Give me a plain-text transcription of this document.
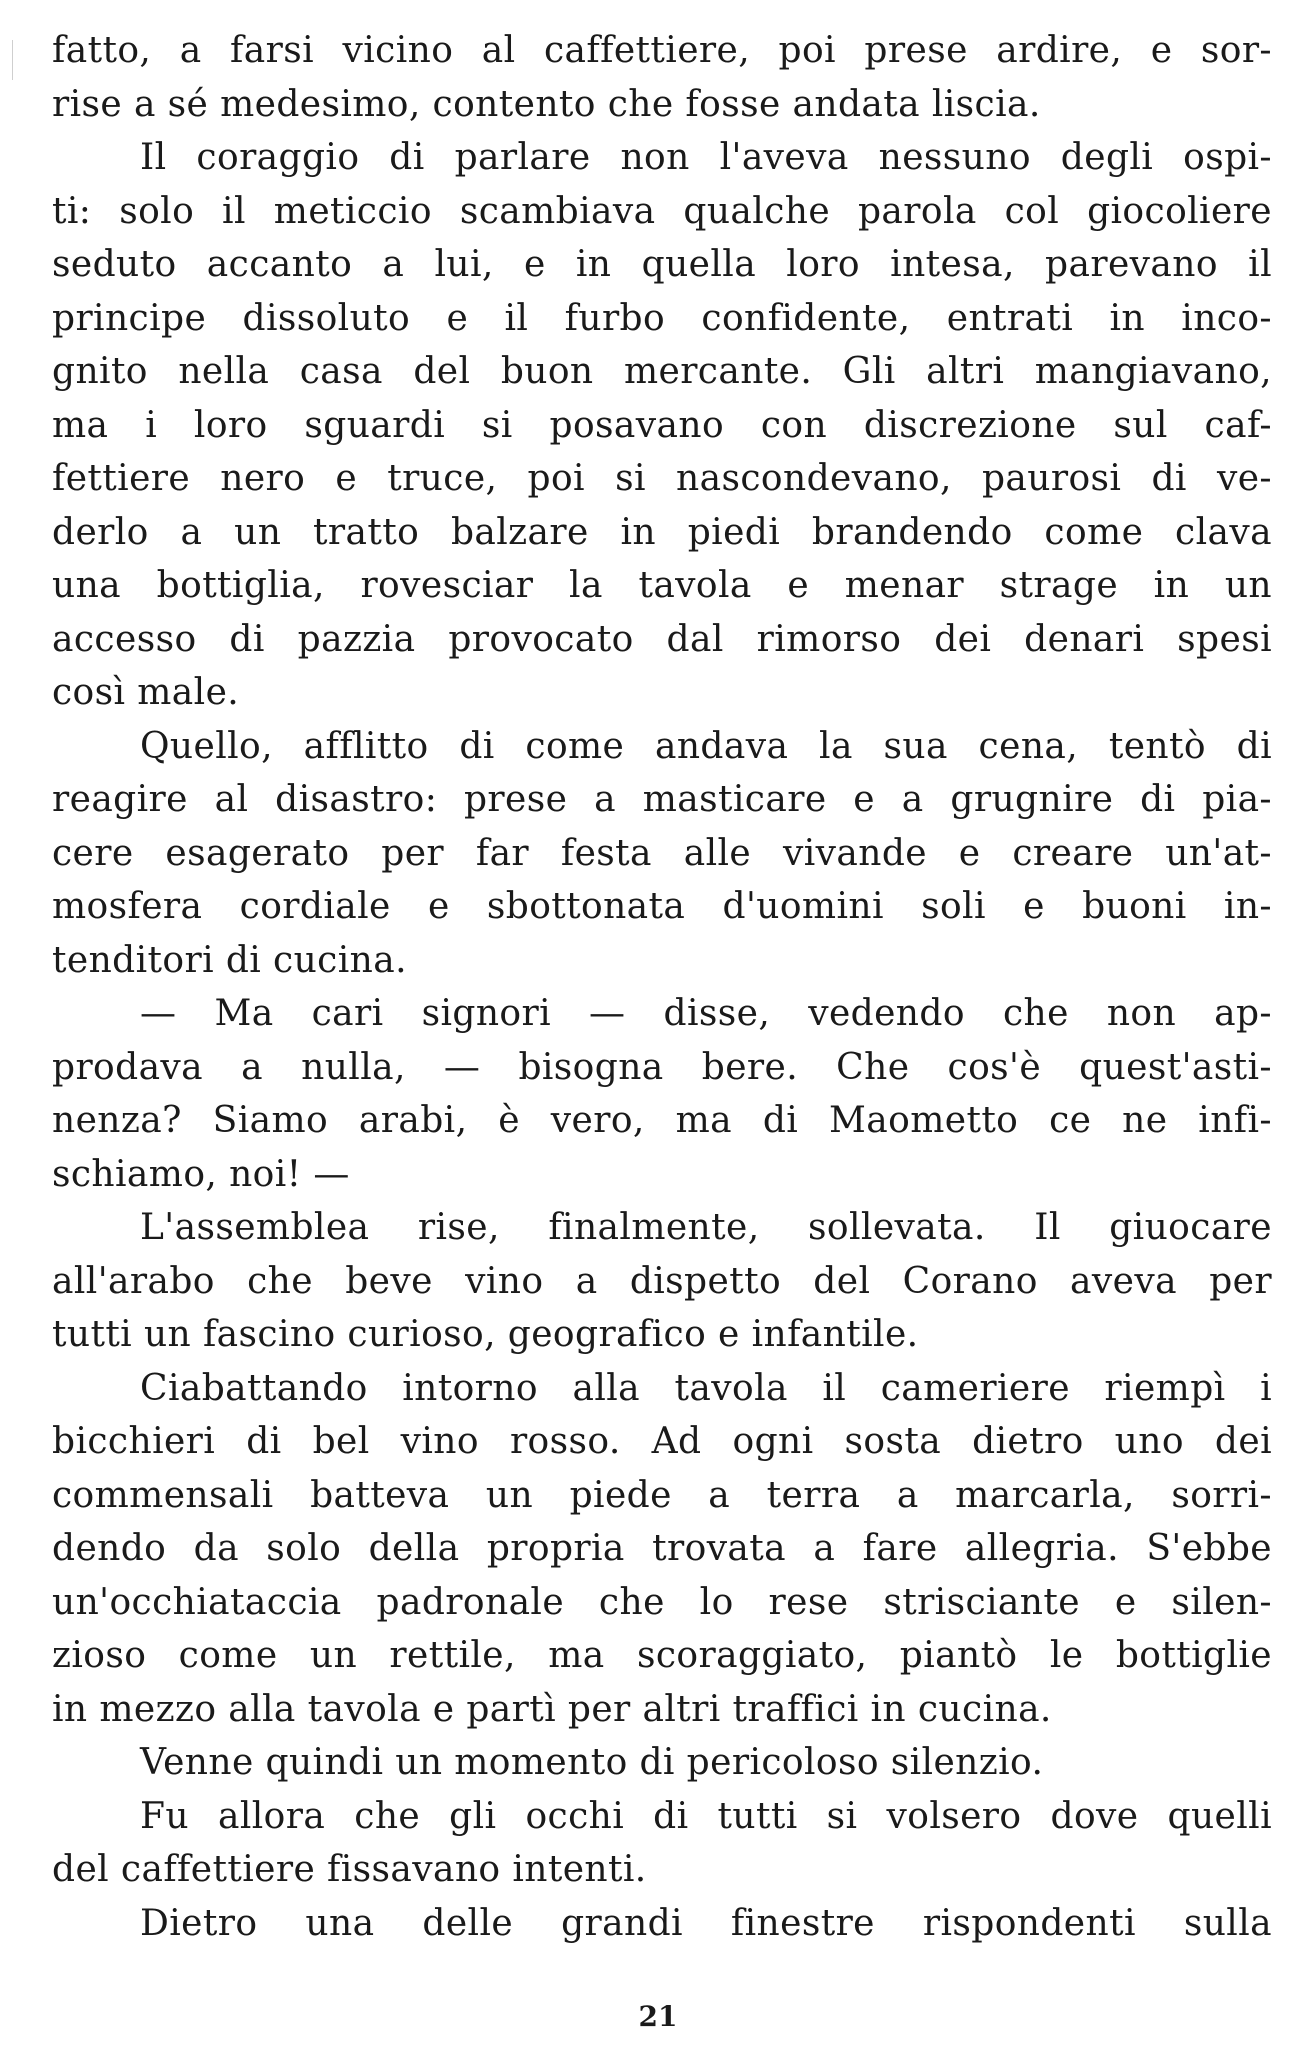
fatto, a farsi vicino al caffettiere, poi prese ardire, e sor-
rise a sé medesimo, contento che fosse andata liscia.
Il coraggio di parlare non l'aveva nessuno degli ospi-
ti: solo il meticcio scambiava qualche parola col giocoliere
seduto accanto a lui, e in quella loro intesa, parevano il
principe dissoluto e il furbo confidente, entrati in inco-
gnito nella casa del buon mercante. Gli altri mangiavano,
ma i loro sguardi si posavano con discrezione sul caf-
fettiere nero e truce, poi si nascondevano, paurosi di ve-
derlo a un tratto balzare in piedi brandendo come clava
una bottiglia, rovesciar la tavola e menar strage in un
accesso di pazzia provocato dal rimorso dei denari spesi
così male.
Quello, afflitto di come andava la sua cena, tentò di
reagire al disastro: prese a masticare e a grugnire di pia-
cere esagerato per far festa alle vivande e creare un'at-
mosfera cordiale e sbottonata d'uomini soli e buoni in-
tenditori di cucina.
— Ma cari signori — disse, vedendo che non ap-
prodava a nulla, — bisogna bere. Che cos'è quest'asti-
nenza? Siamo arabi, è vero, ma di Maometto ce ne infi-
schiamo, noi! —
L'assemblea rise, finalmente, sollevata. Il giuocare
all'arabo che beve vino a dispetto del Corano aveva per
tutti un fascino curioso, geografico e infantile.
Ciabattando intorno alla tavola il cameriere riempì i
bicchieri di bel vino rosso. Ad ogni sosta dietro uno dei
commensali batteva un piede a terra a marcarla, sorri-
dendo da solo della propria trovata a fare allegria. S'ebbe
un'occhiataccia padronale che lo rese strisciante e silen-
zioso come un rettile, ma scoraggiato, piantò le bottiglie
in mezzo alla tavola e partì per altri traffici in cucina.
Venne quindi un momento di pericoloso silenzio.
Fu allora che gli occhi di tutti si volsero dove quelli
del caffettiere fissavano intenti.
Dietro una delle grandi finestre rispondenti sulla
21
